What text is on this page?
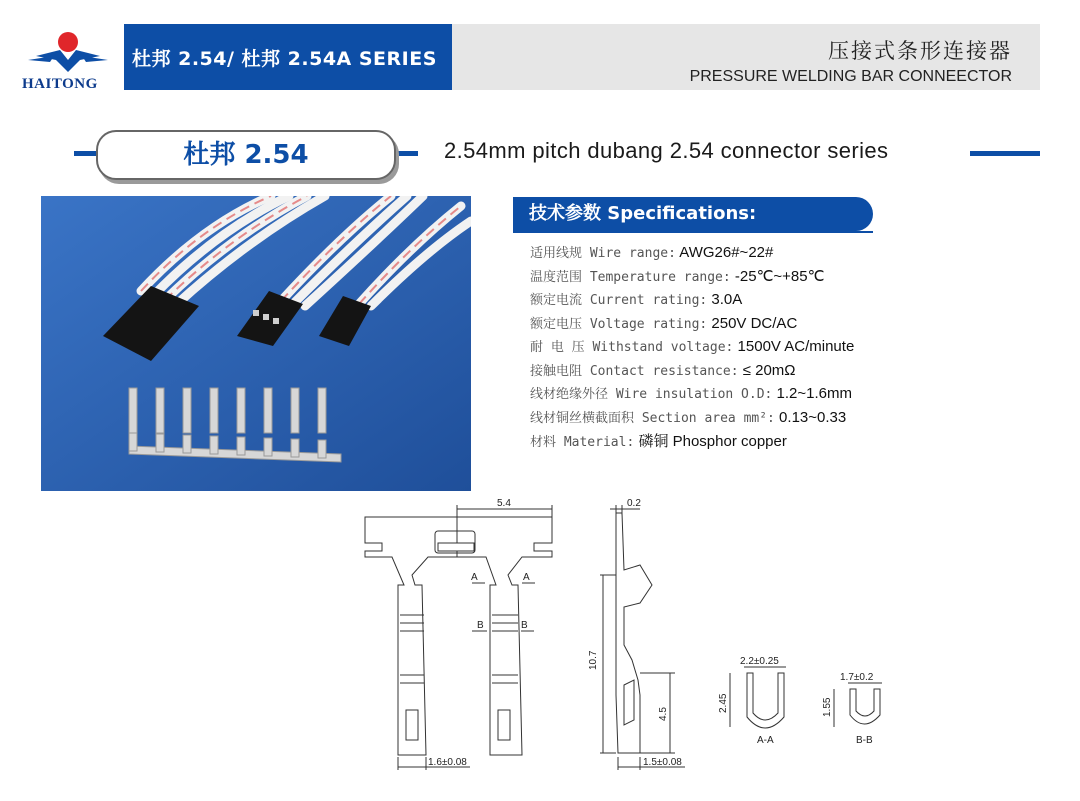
HAITONG
杜邦 2.54/ 杜邦 2.54A SERIES	压接式条形连接器
PRESSURE WELDING BAR CONNEECTOR
杜邦 2.54	2.54mm pitch dubang 2.54 connector series
技术参数 Specifications:
适用线规 Wire range: AWG26#~22#
温度范围 Temperature range: -25℃~+85℃
额定电流 Current rating: 3.0A
额定电压 Voltage rating: 250V DC/AC
耐 电 压 Withstand voltage: 1500V AC/minute
接触电阻 Contact resistance: ≤ 20mΩ
线材绝缘外径 Wire insulation O.D: 1.2~1.6mm
线材铜丝横截面积 Section area mm²: 0.13~0.33
材料 Material: 磷铜 Phosphor copper
5.4
A	A
B	B
1.6±0.08
0.2
10.7
4.5
1.5±0.08
2.2±0.25
2.45
A-A
1.7±0.2
1.55
B-B
